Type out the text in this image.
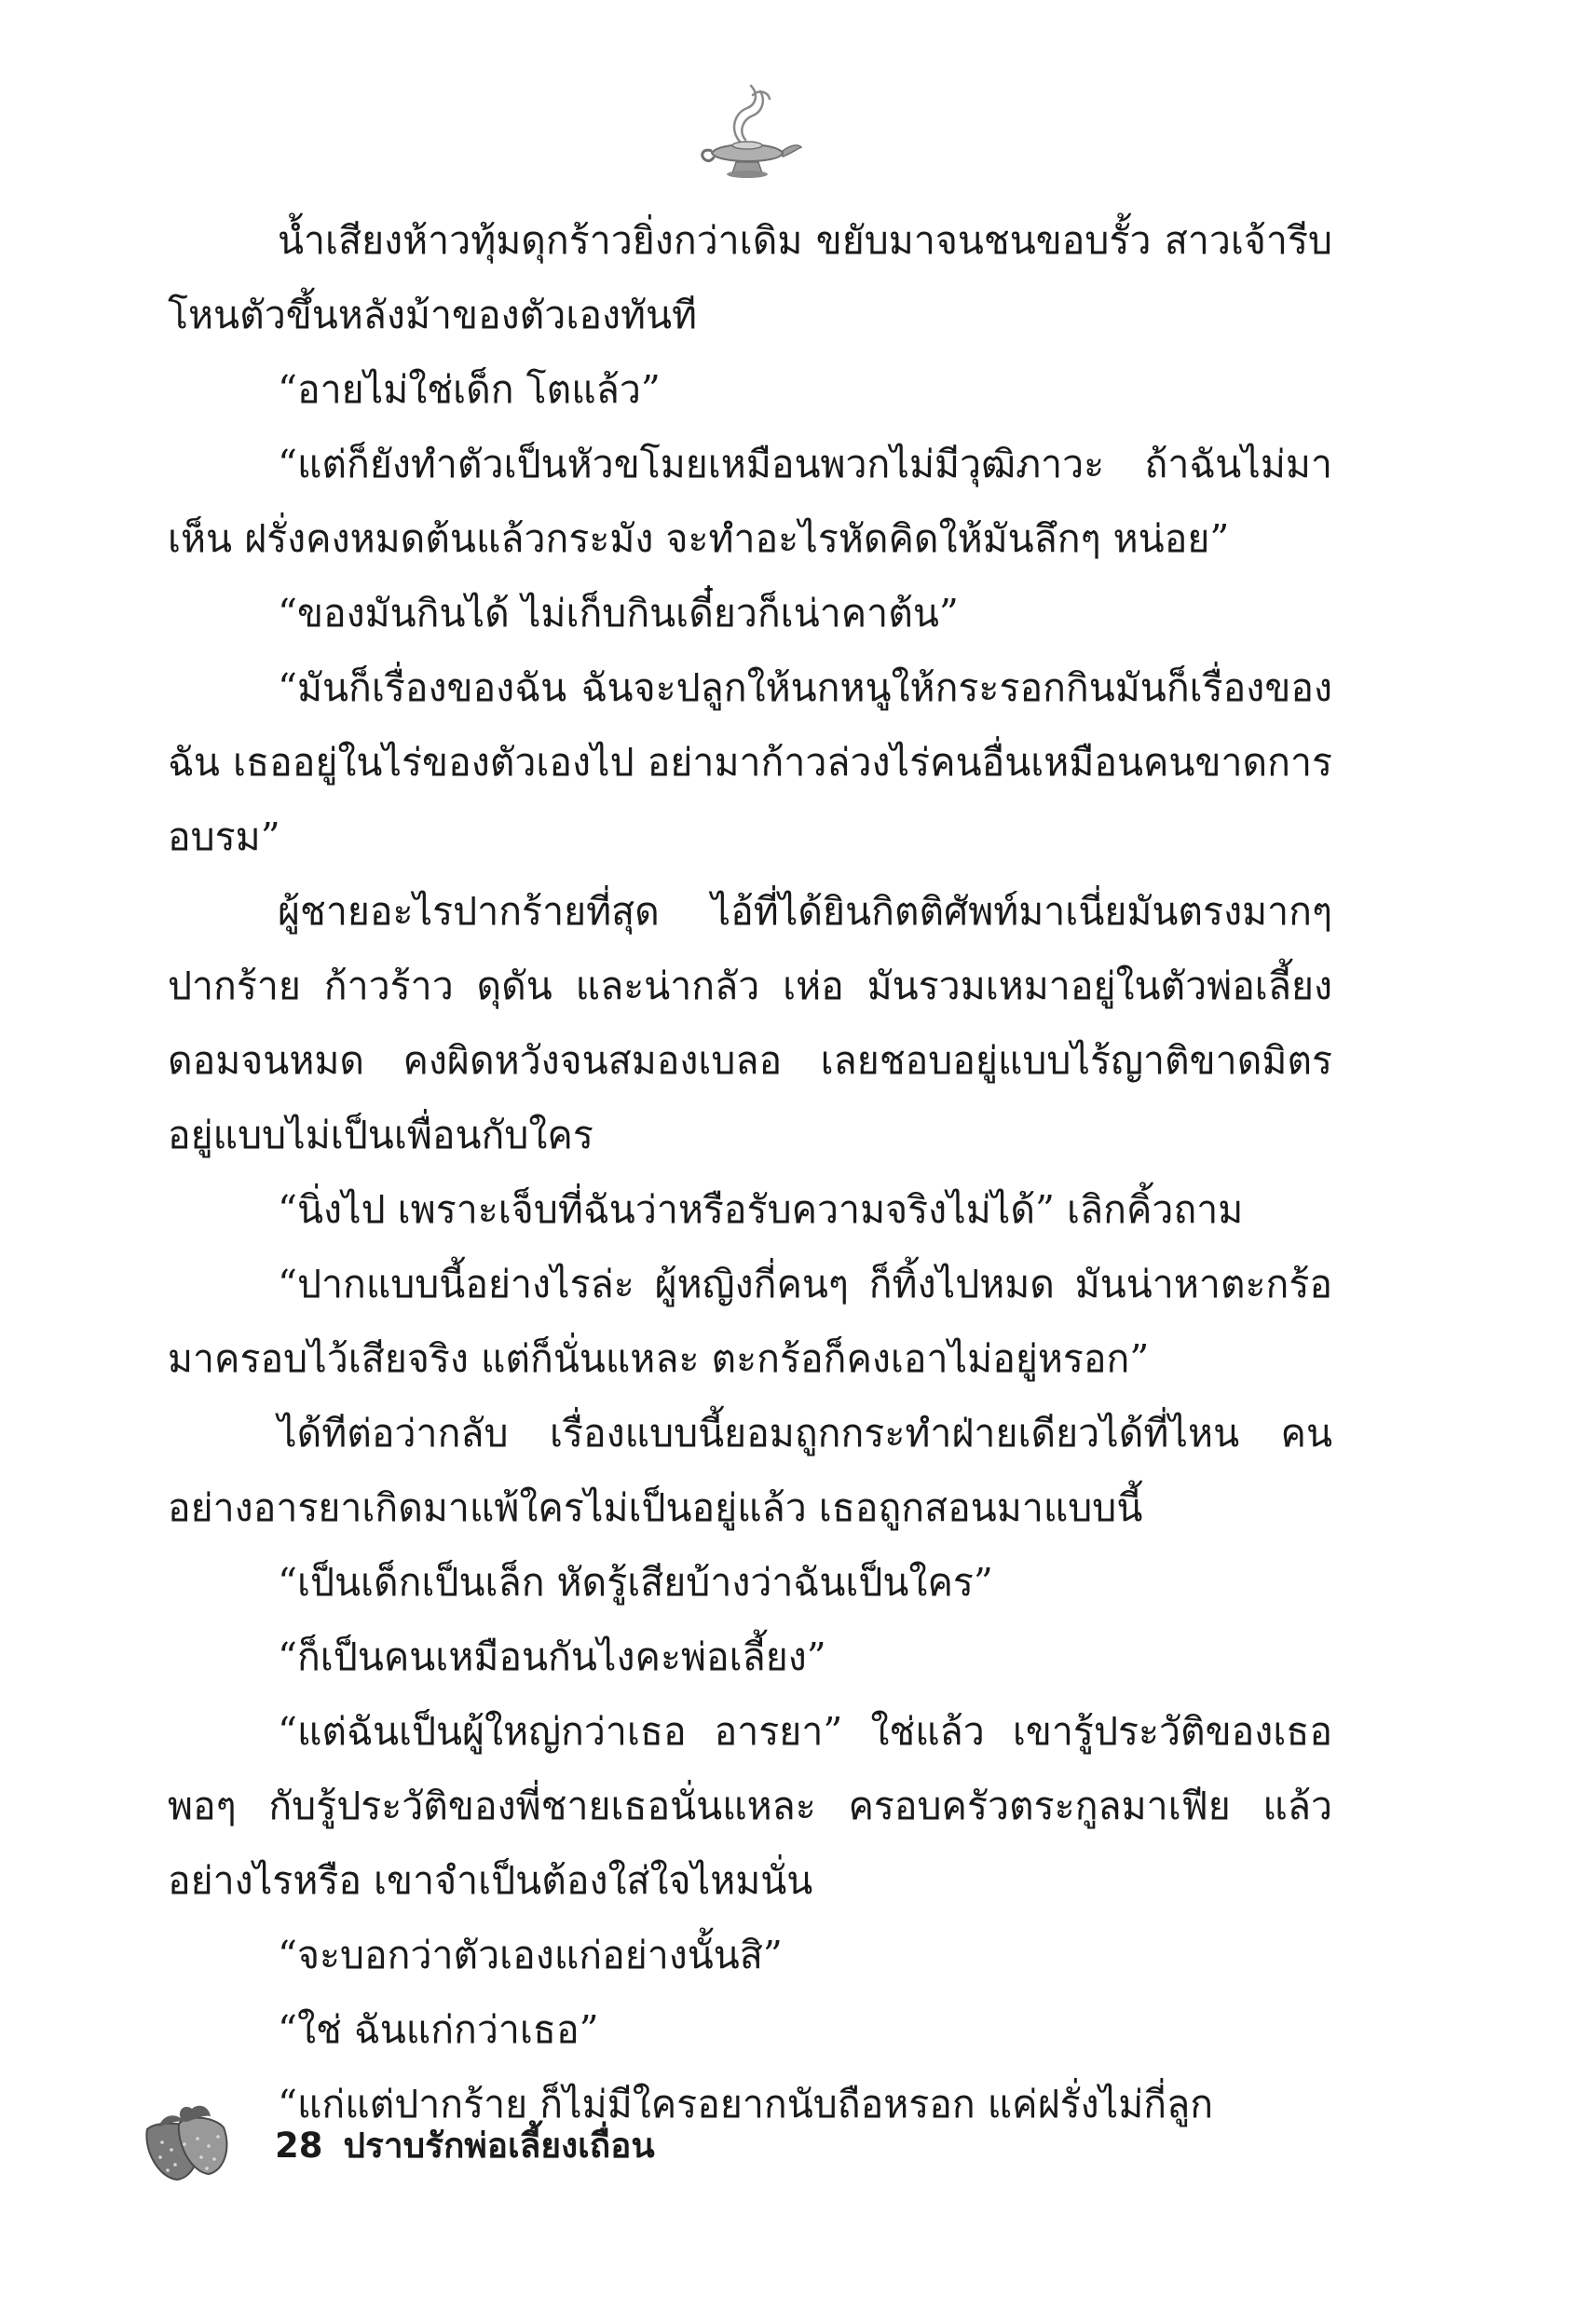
น้ำเสียงห้าวทุ้มดุกร้าวยิ่งกว่าเดิม ขยับมาจนชนขอบรั้ว สาวเจ้ารีบโหนตัวขึ้นหลังม้าของตัวเองทันที

“อายไม่ใช่เด็ก โตแล้ว”

“แต่ก็ยังทำตัวเป็นหัวขโมยเหมือนพวกไม่มีวุฒิภาวะ ถ้าฉันไม่มาเห็น ฝรั่งคงหมดต้นแล้วกระมัง จะทำอะไรหัดคิดให้มันลึกๆ หน่อย”

“ของมันกินได้ ไม่เก็บกินเดี๋ยวก็เน่าคาต้น”

“มันก็เรื่องของฉัน ฉันจะปลูกให้นกหนูให้กระรอกกินมันก็เรื่องของฉัน เธออยู่ในไร่ของตัวเองไป อย่ามาก้าวล่วงไร่คนอื่นเหมือนคนขาดการอบรม”

ผู้ชายอะไรปากร้ายที่สุด ไอ้ที่ได้ยินกิตติศัพท์มาเนี่ยมันตรงมากๆ ปากร้าย ก้าวร้าว ดุดัน และน่ากลัว เห่อ มันรวมเหมาอยู่ในตัวพ่อเลี้ยงดอมจนหมด คงผิดหวังจนสมองเบลอ เลยชอบอยู่แบบไร้ญาติขาดมิตร อยู่แบบไม่เป็นเพื่อนกับใคร

“นิ่งไป เพราะเจ็บที่ฉันว่าหรือรับความจริงไม่ได้” เลิกคิ้วถาม

“ปากแบบนี้อย่างไรล่ะ ผู้หญิงกี่คนๆ ก็ทิ้งไปหมด มันน่าหาตะกร้อมาครอบไว้เสียจริง แต่ก็นั่นแหละ ตะกร้อก็คงเอาไม่อยู่หรอก”

ได้ทีต่อว่ากลับ เรื่องแบบนี้ยอมถูกกระทำฝ่ายเดียวได้ที่ไหน คนอย่างอารยาเกิดมาแพ้ใครไม่เป็นอยู่แล้ว เธอถูกสอนมาแบบนี้

“เป็นเด็กเป็นเล็ก หัดรู้เสียบ้างว่าฉันเป็นใคร”

“ก็เป็นคนเหมือนกันไงคะพ่อเลี้ยง”

“แต่ฉันเป็นผู้ใหญ่กว่าเธอ อารยา” ใช่แล้ว เขารู้ประวัติของเธอพอๆ กับรู้ประวัติของพี่ชายเธอนั่นแหละ ครอบครัวตระกูลมาเฟีย แล้วอย่างไรหรือ เขาจำเป็นต้องใส่ใจไหมนั่น

“จะบอกว่าตัวเองแก่อย่างนั้นสิ”

“ใช่ ฉันแก่กว่าเธอ”

“แก่แต่ปากร้าย ก็ไม่มีใครอยากนับถือหรอก แค่ฝรั่งไม่กี่ลูก

28 ปราบรักพ่อเลี้ยงเถื่อน
